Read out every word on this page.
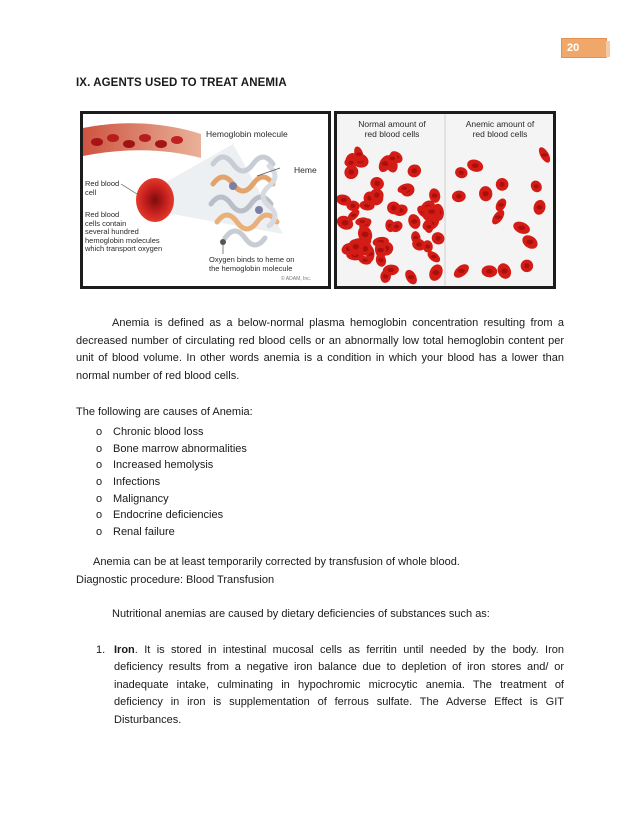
20
IX. AGENTS USED TO TREAT ANEMIA
Hemoglobin molecule
Heme
Red blood
cell
Red blood
cells contain
several hundred
hemoglobin molecules
which transport oxygen
Oxygen binds to heme on
the hemoglobin molecule
© ADAM, Inc.
Normal amount of
red blood cells
Anemic amount of
red blood cells
Anemia is defined as a below-normal plasma hemoglobin concentration resulting from a decreased number of circulating red blood cells or an abnormally low total hemoglobin content per unit of blood volume. In other words anemia is a condition in which your blood has a lower than normal number of red blood cells.
The following are causes of Anemia:
o Chronic blood loss
o Bone marrow abnormalities
o Increased hemolysis
o Infections
o Malignancy
o Endocrine deficiencies
o Renal failure
Anemia can be at least temporarily corrected by transfusion of whole blood.
Diagnostic procedure: Blood Transfusion
Nutritional anemias are caused by dietary deficiencies of substances such as:
1. Iron. It is stored in intestinal mucosal cells as ferritin until needed by the body. Iron deficiency results from a negative iron balance due to depletion of iron stores and/ or inadequate intake, culminating in hypochromic microcytic anemia. The treatment of deficiency in iron is supplementation of ferrous sulfate. The Adverse Effect is GIT Disturbances.
